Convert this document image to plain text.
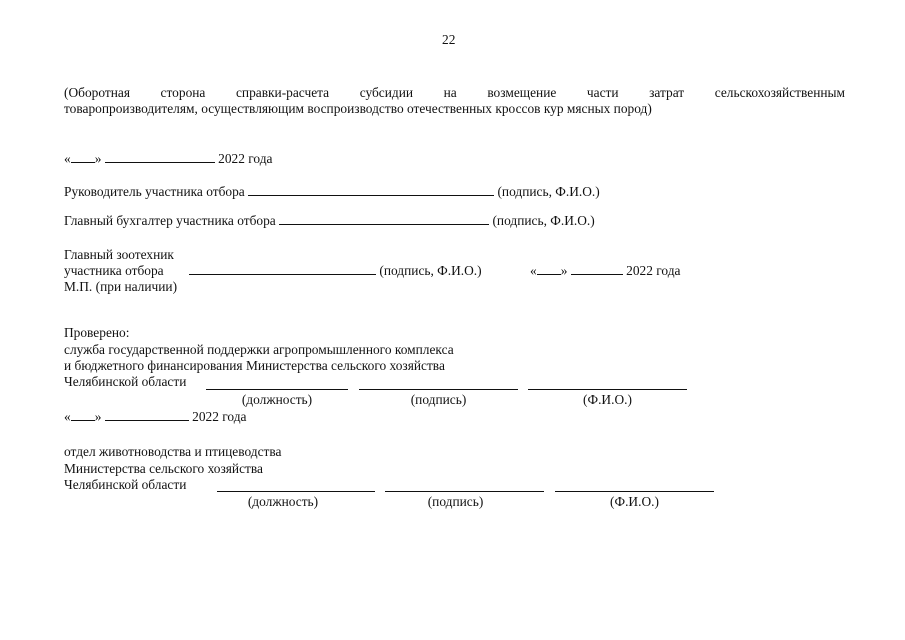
22
(Оборотная сторона справки-расчета субсидии на возмещение части затрат сельскохозяйственным
товаропроизводителям, осуществляющим воспроизводство отечественных кроссов кур мясных пород)
« »	2022 года
Руководитель участника отбора	(подпись, Ф.И.О.)
Главный бухгалтер участника отбора	(подпись, Ф.И.О.)
Главный зоотехник
участника отбора	(подпись, Ф.И.О.)	« »	2022 года
М.П. (при наличии)
Проверено:
служба государственной поддержки агропромышленного комплекса
и бюджетного финансирования Министерства сельского хозяйства
Челябинской области
(должность)	(подпись)	(Ф.И.О.)
« »	2022 года
отдел животноводства и птицеводства
Министерства сельского хозяйства
Челябинской области
(должность)	(подпись)	(Ф.И.О.)
